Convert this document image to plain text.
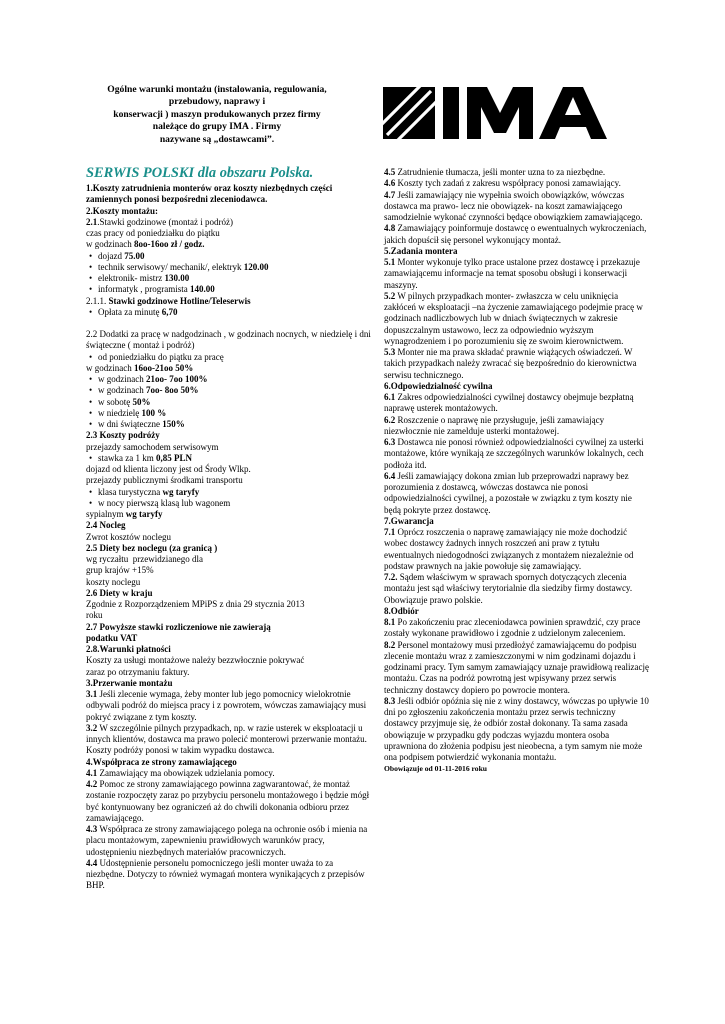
Ogólne warunki montażu (instalowania, regulowania,
przebudowy, naprawy i
konserwacji ) maszyn produkowanych przez firmy
należące do grupy IMA . Firmy
nazywane są „dostawcami”.
SERWIS POLSKI dla obszaru Polska.
1.Koszty zatrudnienia monterów oraz koszty niezbędnych części zamiennych ponosi bezpośredni zleceniodawca.
2.Koszty montażu:
2.1.Stawki godzinowe (montaż i podróż)
czas pracy od poniedziałku do piątku
w godzinach 8oo-16oo zł / godz.
• dojazd 75.00
• technik serwisowy/ mechanik/, elektryk 120.00
• elektronik- mistrz 130.00
• informatyk , programista 140.00
2.1.1. Stawki godzinowe Hotline/Teleserwis
• Opłata za minutę 6,70
2.2 Dodatki za pracę w nadgodzinach , w godzinach nocnych, w niedzielę i dni świąteczne ( montaż i podróż)
• od poniedziałku do piątku za pracę
w godzinach 16oo-21oo 50%
• w godzinach 21oo- 7oo 100%
• w godzinach 7oo- 8oo 50%
• w sobotę 50%
• w niedzielę 100 %
• w dni świąteczne 150%
2.3 Koszty podróży
przejazdy samochodem serwisowym
• stawka za 1 km 0,85 PLN
dojazd od klienta liczony jest od Środy Wlkp.
przejazdy publicznymi środkami transportu
• klasa turystyczna wg taryfy
• w nocy pierwszą klasą lub wagonem
sypialnym wg taryfy
2.4 Nocleg
Zwrot kosztów noclegu
2.5 Diety bez noclegu (za granicą )
wg ryczałtu  przewidzianego dla
grup krajów +15%
koszty noclegu
2.6 Diety w kraju
Zgodnie z Rozporządzeniem MPiPS z dnia 29 stycznia 2013
roku
2.7 Powyższe stawki rozliczeniowe nie zawierają
podatku VAT
2.8.Warunki płatności
Koszty za usługi montażowe należy bezzwłocznie pokrywać
zaraz po otrzymaniu faktury.
3.Przerwanie montażu
3.1 Jeśli zlecenie wymaga, żeby monter lub jego pomocnicy wielokrotnie odbywali podróż do miejsca pracy i z powrotem, wówczas zamawiający musi pokryć związane z tym koszty.
3.2 W szczególnie pilnych przypadkach, np. w razie usterek w eksploatacji u innych klientów, dostawca ma prawo polecić monterowi przerwanie montażu. Koszty podróży ponosi w takim wypadku dostawca.
4.Współpraca ze strony zamawiającego
4.1 Zamawiający ma obowiązek udzielania pomocy.
4.2 Pomoc ze strony zamawiającego powinna zagwarantować, że montaż zostanie rozpoczęty zaraz po przybyciu personelu montażowego i będzie mógł być kontynuowany bez ograniczeń aż do chwili dokonania odbioru przez zamawiającego.
4.3 Współpraca ze strony zamawiającego polega na ochronie osób i mienia na placu montażowym, zapewnieniu prawidłowych warunków pracy, udostępnieniu niezbędnych materiałów pracowniczych.
4.4 Udostępnienie personelu pomocniczego jeśli monter uważa to za niezbędne. Dotyczy to również wymagań montera wynikających z przepisów BHP.
4.5 Zatrudnienie tłumacza, jeśli monter uzna to za niezbędne.
4.6 Koszty tych zadań z zakresu współpracy ponosi zamawiający.
4.7 Jeśli zamawiający nie wypełnia swoich obowiązków, wówczas dostawca ma prawo- lecz nie obowiązek- na koszt zamawiającego samodzielnie wykonać czynności będące obowiązkiem zamawiającego.
4.8 Zamawiający poinformuje dostawcę o ewentualnych wykroczeniach, jakich dopuścił się personel wykonujący montaż.
5.Zadania montera
5.1 Monter wykonuje tylko prace ustalone przez dostawcę i przekazuje zamawiającemu informacje na temat sposobu obsługi i konserwacji maszyny.
5.2 W pilnych przypadkach monter- zwłaszcza w celu uniknięcia zakłóceń w eksploatacji –na życzenie zamawiającego podejmie pracę w godzinach nadliczbowych lub w dniach świątecznych w zakresie dopuszczalnym ustawowo, lecz za odpowiednio wyższym wynagrodzeniem i po porozumieniu się ze swoim kierownictwem.
5.3 Monter nie ma prawa składać prawnie wiążących oświadczeń. W takich przypadkach należy zwracać się bezpośrednio do kierownictwa serwisu technicznego.
6.Odpowiedzialność cywilna
6.1 Zakres odpowiedzialności cywilnej dostawcy obejmuje bezpłatną naprawę usterek montażowych.
6.2 Roszczenie o naprawę nie przysługuje, jeśli zamawiający niezwłocznie nie zamelduje usterki montażowej.
6.3 Dostawca nie ponosi również odpowiedzialności cywilnej za usterki montażowe, które wynikają ze szczególnych warunków lokalnych, cech podłoża itd.
6.4 Jeśli zamawiający dokona zmian lub przeprowadzi naprawy bez porozumienia z dostawcą, wówczas dostawca nie ponosi odpowiedzialności cywilnej, a pozostałe w związku z tym koszty nie będą pokryte przez dostawcę.
7.Gwarancja
7.1 Oprócz roszczenia o naprawę zamawiający nie może dochodzić wobec dostawcy żadnych innych roszczeń ani praw z tytułu ewentualnych niedogodności związanych z montażem niezależnie od podstaw prawnych na jakie powołuje się zamawiający.
7.2. Sądem właściwym w sprawach spornych dotyczących zlecenia montażu jest sąd właściwy terytorialnie dla siedziby firmy dostawcy. Obowiązuje prawo polskie.
8.Odbiór
8.1 Po zakończeniu prac zleceniodawca powinien sprawdzić, czy prace zostały wykonane prawidłowo i zgodnie z udzielonym zaleceniem.
8.2 Personel montażowy musi przedłożyć zamawiającemu do podpisu zlecenie montażu wraz z zamieszczonymi w nim godzinami dojazdu i godzinami pracy. Tym samym zamawiający uznaje prawidłową realizację montażu. Czas na podróż powrotną jest wpisywany przez serwis techniczny dostawcy dopiero po powrocie montera.
8.3 Jeśli odbiór opóźnia się nie z winy dostawcy, wówczas po upływie 10 dni po zgłoszeniu zakończenia montażu przez serwis techniczny dostawcy przyjmuje się, że odbiór został dokonany. Ta sama zasada obowiązuje w przypadku gdy podczas wyjazdu montera osoba uprawniona do złożenia podpisu jest nieobecna, a tym samym nie może ona podpisem potwierdzić wykonania montażu.
Obowiązuje od 01-11-2016 roku
